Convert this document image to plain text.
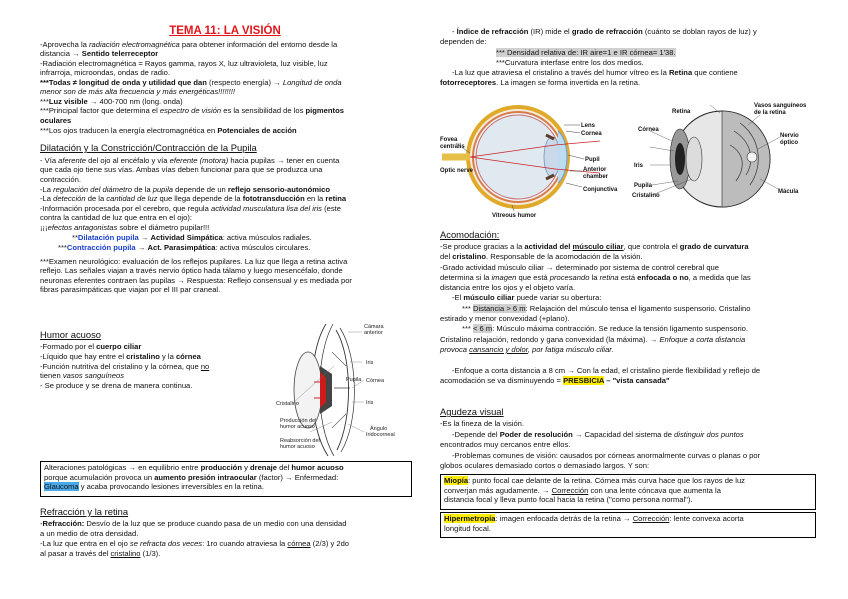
TEMA 11: LA VISIÓN

-Aprovecha la radiación electromagnética para obtener información del entorno desde la

distancia → Sentido telerreceptor

-Radiación electromagnética = Rayos gamma, rayos X, luz ultravioleta, luz visible, luz

infrarroja, microondas, ondas de radio.

***Todas ≠ longitud de onda y utilidad que dan (respecto energía) → Longitud de onda

menor son de más alta frecuencia y más energéticas!!!!!!!!

***Luz visible → 400-700 nm (long. onda)

***Principal factor que determina el espectro de visión es la sensibilidad de los pigmentos

oculares

***Los ojos traducen la energía electromagnética en Potenciales de acción

Dilatación y la Constricción/Contracción de la Pupila

- Vía aferente del ojo al encéfalo y vía eferente (motora) hacia pupilas → tener en cuenta

que cada ojo tiene sus vías. Ambas vías deben funcionar para que se produzca una

contracción.

-La regulación del diámetro de la pupila depende de un reflejo sensorio-autonómico

-La detección de la cantidad de luz que llega depende de la fototransducción en la retina

-Información procesada por el cerebro, que regula actividad musculatura lisa del iris (este

contra la cantidad de luz que entra en el ojo):

¡¡¡efectos antagonistas sobre el diámetro pupilar!!!

**Dilatación pupila → Actividad Simpática: activa músculos radiales.

***Contracción pupila → Act. Parasimpática: activa músculos circulares.

***Examen neurológico: evaluación de los reflejos pupilares. La luz que llega a retina activa

reflejo. Las señales viajan a través nervio óptico hada tálamo y luego mesencéfalo, donde

neuronas eferentes contraen las pupilas → Respuesta: Reflejo consensual y es mediada por

fibras parasimpáticas que viajan por el III par craneal.

Humor acuoso

-Formado por el cuerpo ciliar

-Líquido que hay entre el cristalino y la córnea

-Función nutritiva del cristalino y la córnea, que no

tienen vasos sanguíneos

- Se produce y se drena de manera continua.

Cámara
anterior
Iris
Pupila Córnea
Iris
Cristalino
Producción del
humor acuoso	Ángulo
Iridocorneal
Reabsorción del
humor acuoso
Alteraciones patológicas → en equilibrio entre producción y drenaje del humor acuoso
porque acumulación provoca un aumento presión intraocular (factor) → Enfermedad:
Glaucoma y acaba provocando lesiones irreversibles en la retina.

Refracción y la retina

-Refracción: Desvío de la luz que se produce cuando pasa de un medio con una densidad

a un medio de otra densidad.

-La luz que entra en el ojo se refracta dos veces: 1ro cuando atraviesa la córnea (2/3) y 2do

al pasar a través del cristalino (1/3).

- Índice de refracción (IR) mide el grado de refracción (cuánto se doblan rayos de luz) y

dependen de:

*** Densidad relativa de: IR aire=1 e IR córnea= 1'38.

***Curvatura interfase entre los dos medios.

-La luz que atraviesa el cristalino a través del humor vítreo es la Retina que contiene

fotorreceptores. La imagen se forma invertida en la retina.

Lens
Cornea
Fovea
centralis
Pupil
Optic nerve	Anterior
chamber
Conjunctiva
Vitreous humor
Retina
Córnea
Vasos sanguíneos
de la retina
Nervio
óptico
Iris
Pupila
Cristalino
Mácula

Acomodación:

-Se produce gracias a la actividad del músculo ciliar, que controla el grado de curvatura

del cristalino. Responsable de la acomodación de la visión.

-Grado actividad músculo ciliar → determinado por sistema de control cerebral que

determina si la imagen que está procesando la retina está enfocada o no, a medida que las

distancia entre los ojos y el objeto varía.

-El músculo ciliar puede variar su obertura:

*** Distancia > 6 m: Relajación del músculo tensa el ligamento suspensorio. Cristalino

estirado y menor convexidad (+plano).

*** < 6 m: Músculo máxima contracción. Se reduce la tensión ligamento suspensorio.

Cristalino relajación, redondo y gana convexidad (la máxima). → Enfoque a corta distancia

provoca cansancio y dolor, por fatiga músculo ciliar.

-Enfoque a corta distancia a 8 cm → Con la edad, el cristalino pierde flexibilidad y reflejo de

acomodación se va disminuyendo = PRESBICIA – "vista cansada"

Agudeza visual

-Es la fineza de la visión.

-Depende del Poder de resolución → Capacidad del sistema de distinguir dos puntos

encontrados muy cercanos entre ellos.

-Problemas comunes de visión: causados por córneas anormalmente curvas o planas o por

globos oculares demasiado cortos o demasiado largos. Y son:

Miopía: punto focal cae delante de la retina. Córnea más curva hace que los rayos de luz
converjan más agudamente. → Corrección con una lente cóncava que aumenta la
distancia focal y lleva punto focal hacia la retina ("como persona normal").
Hipermetropía: imagen enfocada detrás de la retina → Corrección: lente convexa acorta
longitud focal.
